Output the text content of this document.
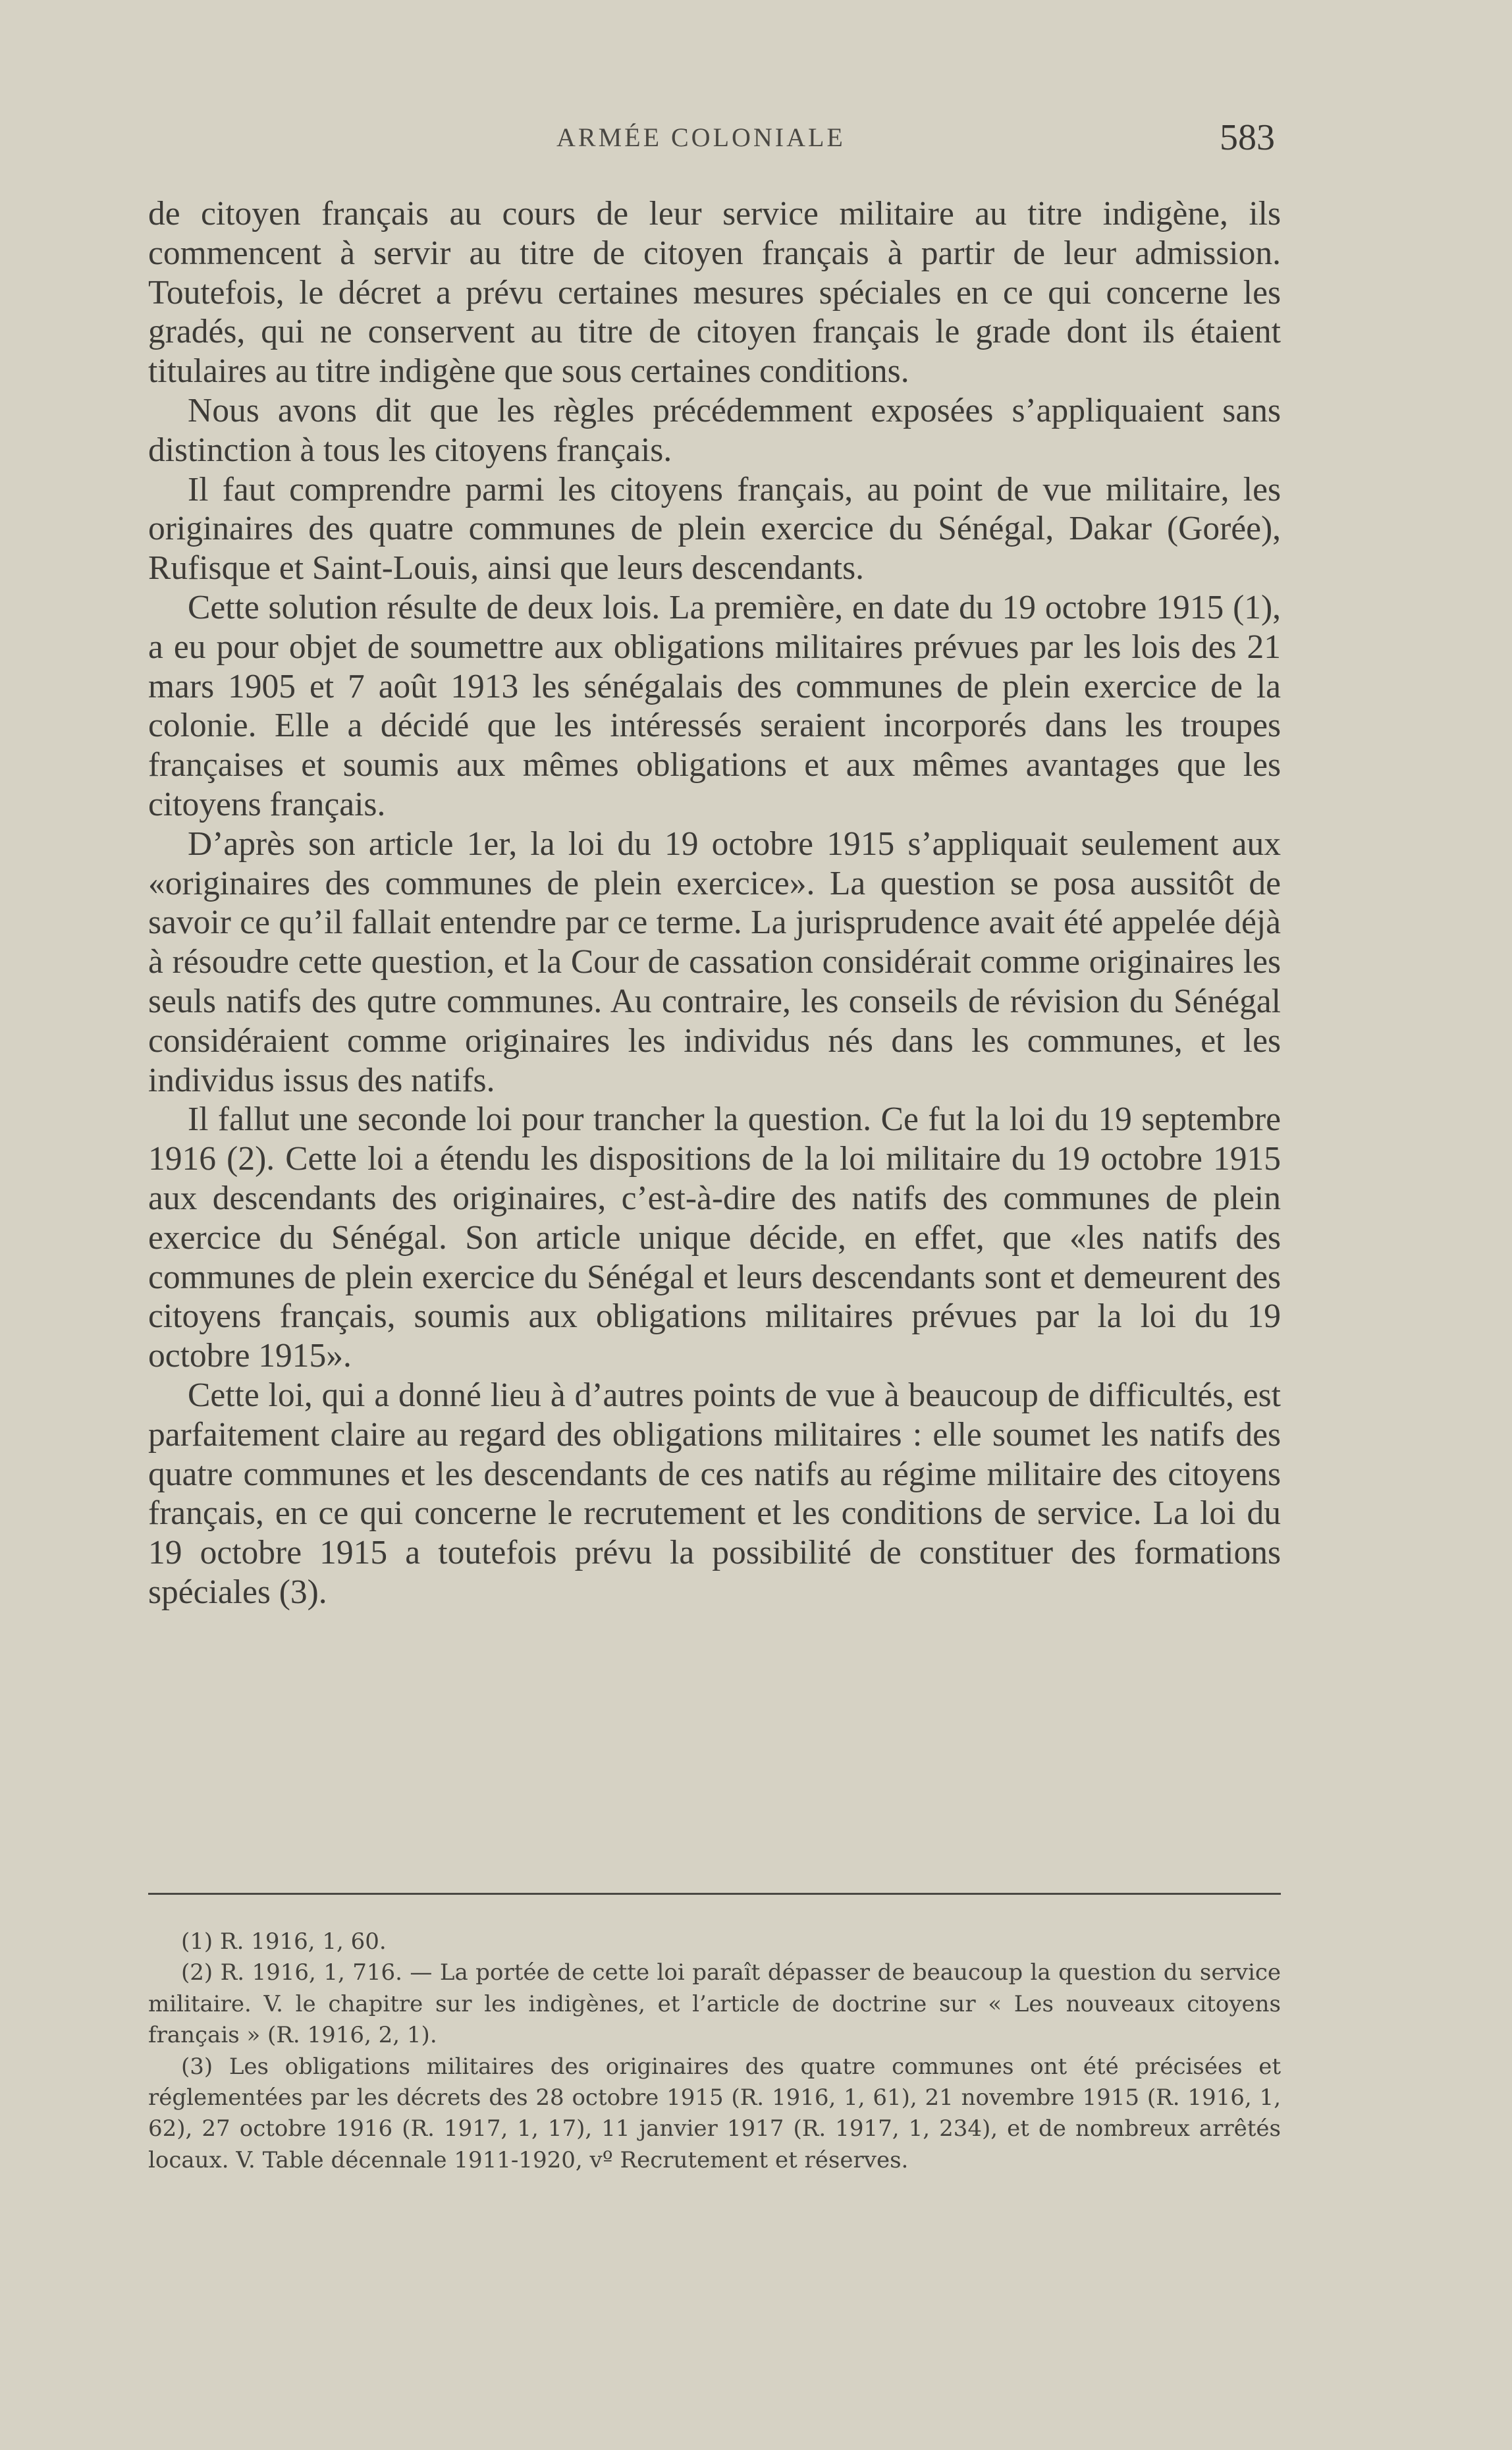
ARMÉE COLONIALE	583

de citoyen français au cours de leur service militaire au titre indigène, ils commencent à servir au titre de citoyen français à partir de leur admission. Toutefois, le décret a prévu certaines mesures spéciales en ce qui concerne les gradés, qui ne conservent au titre de citoyen français le grade dont ils étaient titulaires au titre indigène que sous certaines conditions.

Nous avons dit que les règles précédemment exposées s’appliquaient sans distinction à tous les citoyens français.

Il faut comprendre parmi les citoyens français, au point de vue militaire, les originaires des quatre communes de plein exercice du Sénégal, Dakar (Gorée), Rufisque et Saint-Louis, ainsi que leurs descendants.

Cette solution résulte de deux lois. La première, en date du 19 octobre 1915 (1), a eu pour objet de soumettre aux obligations militaires prévues par les lois des 21 mars 1905 et 7 août 1913 les sénégalais des communes de plein exercice de la colonie. Elle a décidé que les intéressés seraient incorporés dans les troupes françaises et soumis aux mêmes obligations et aux mêmes avantages que les citoyens français.

D’après son article 1er, la loi du 19 octobre 1915 s’appliquait seulement aux «originaires des communes de plein exercice». La question se posa aussitôt de savoir ce qu’il fallait entendre par ce terme. La jurisprudence avait été appelée déjà à résoudre cette question, et la Cour de cassation considérait comme originaires les seuls natifs des qutre communes. Au contraire, les conseils de révision du Sénégal considéraient comme originaires les individus nés dans les communes, et les individus issus des natifs.

Il fallut une seconde loi pour trancher la question. Ce fut la loi du 19 septembre 1916 (2). Cette loi a étendu les dispositions de la loi militaire du 19 octobre 1915 aux descendants des originaires, c’est-à-dire des natifs des communes de plein exercice du Sénégal. Son article unique décide, en effet, que «les natifs des communes de plein exercice du Sénégal et leurs descendants sont et demeurent des citoyens français, soumis aux obligations militaires prévues par la loi du 19 octobre 1915».

Cette loi, qui a donné lieu à d’autres points de vue à beaucoup de difficultés, est parfaitement claire au regard des obligations militaires : elle soumet les natifs des quatre communes et les descendants de ces natifs au régime militaire des citoyens français, en ce qui concerne le recrutement et les conditions de service. La loi du 19 octobre 1915 a toutefois prévu la possibilité de constituer des formations spéciales (3).

(1) R. 1916, 1, 60.

(2) R. 1916, 1, 716. — La portée de cette loi paraît dépasser de beaucoup la question du service militaire. V. le chapitre sur les indigènes, et l’article de doctrine sur « Les nouveaux citoyens français » (R. 1916, 2, 1).

(3) Les obligations militaires des originaires des quatre communes ont été précisées et réglementées par les décrets des 28 octobre 1915 (R. 1916, 1, 61), 21 novembre 1915 (R. 1916, 1, 62), 27 octobre 1916 (R. 1917, 1, 17), 11 janvier 1917 (R. 1917, 1, 234), et de nombreux arrêtés locaux. V. Table décennale 1911-1920, vº Recrutement et réserves.
